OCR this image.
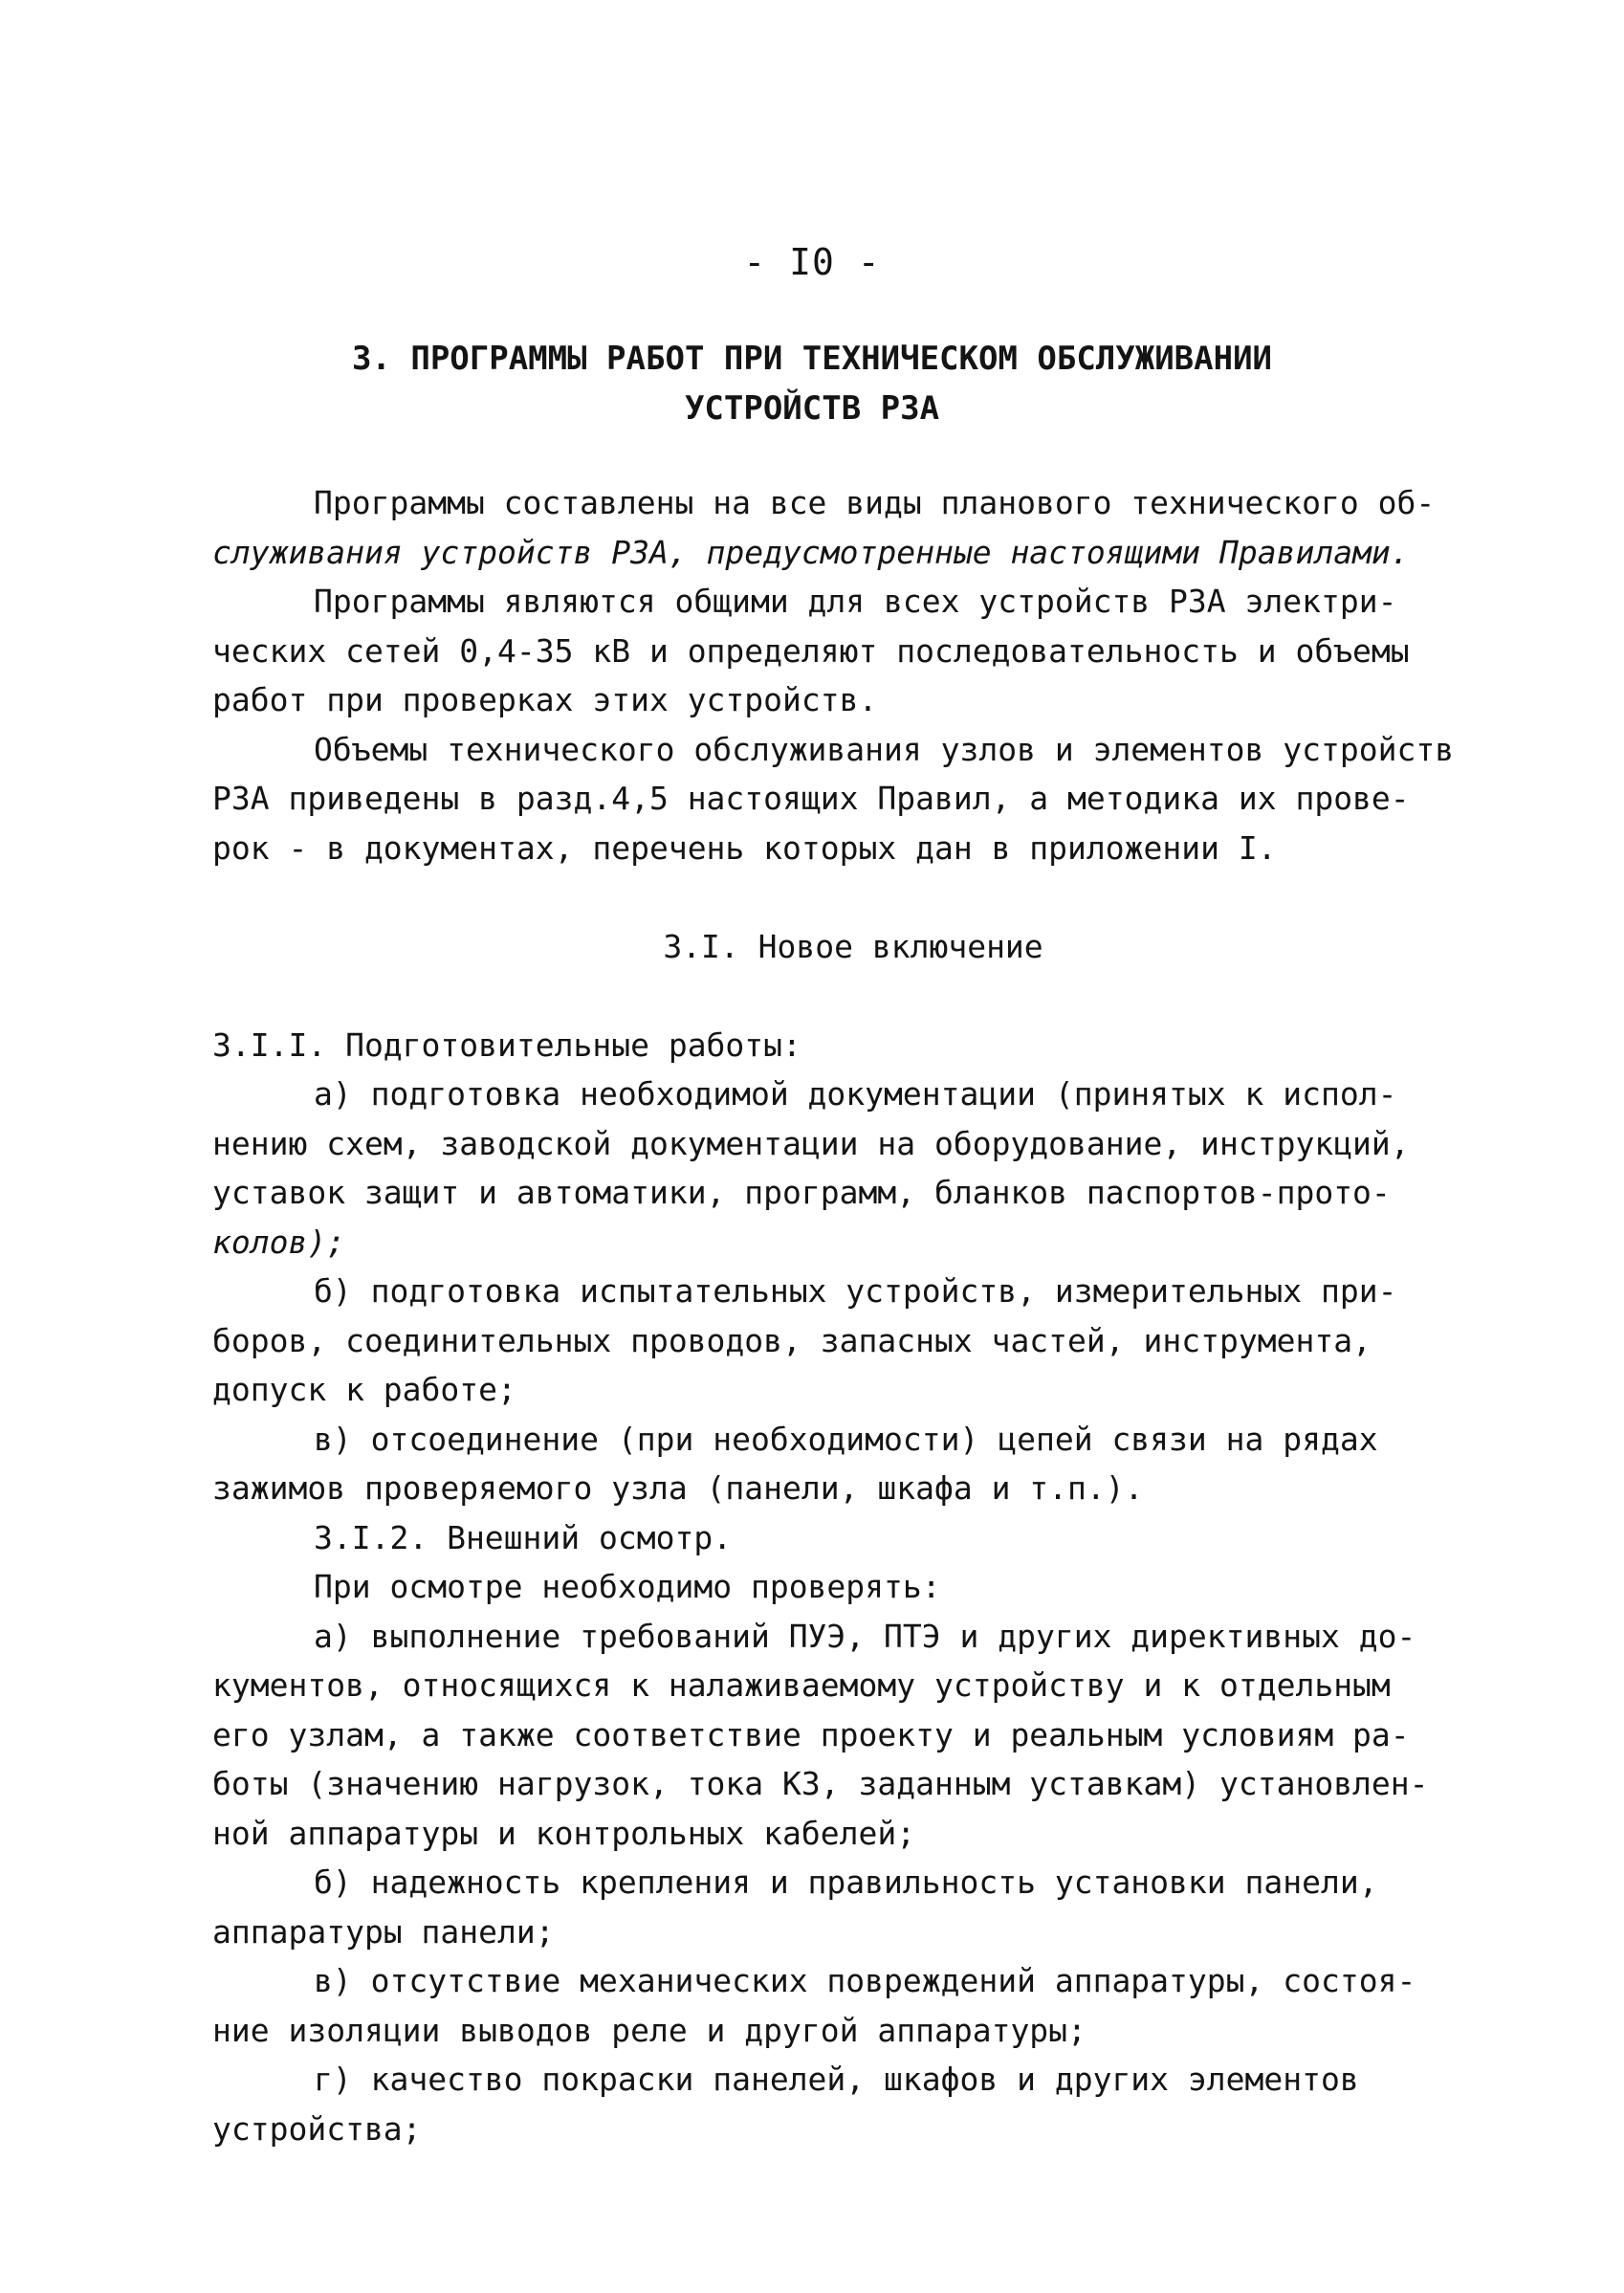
- I0 -
3. ПРОГРАММЫ РАБОТ ПРИ ТЕХНИЧЕСКОМ ОБСЛУЖИВАНИИ
УСТРОЙСТВ РЗА
Программы составлены на все виды планового технического об-
служивания устройств РЗА, предусмотренные настоящими Правилами.
Программы являются общими для всех устройств РЗА электри-
ческих сетей 0,4-35 кВ и определяют последовательность и объемы
работ при проверках этих устройств.
Объемы технического обслуживания узлов и элементов устройств
РЗА приведены в разд.4,5 настоящих Правил, а методика их прове-
рок - в документах, перечень которых дан в приложении I.
3.I. Новое включение
3.I.I. Подготовительные работы:
а) подготовка необходимой документации (принятых к испол-
нению схем, заводской документации на оборудование, инструкций,
уставок защит и автоматики, программ, бланков паспортов-прото-
колов);
б) подготовка испытательных устройств, измерительных при-
боров, соединительных проводов, запасных частей, инструмента,
допуск к работе;
в) отсоединение (при необходимости) цепей связи на рядах
зажимов проверяемого узла (панели, шкафа и т.п.).
3.I.2. Внешний осмотр.
При осмотре необходимо проверять:
а) выполнение требований ПУЭ, ПТЭ и других директивных до-
кументов, относящихся к налаживаемому устройству и к отдельным
его узлам, а также соответствие проекту и реальным условиям ра-
боты (значению нагрузок, тока КЗ, заданным уставкам) установлен-
ной аппаратуры и контрольных кабелей;
б) надежность крепления и правильность установки панели,
аппаратуры панели;
в) отсутствие механических повреждений аппаратуры, состоя-
ние изоляции выводов реле и другой аппаратуры;
г) качество покраски панелей, шкафов и других элементов
устройства;
